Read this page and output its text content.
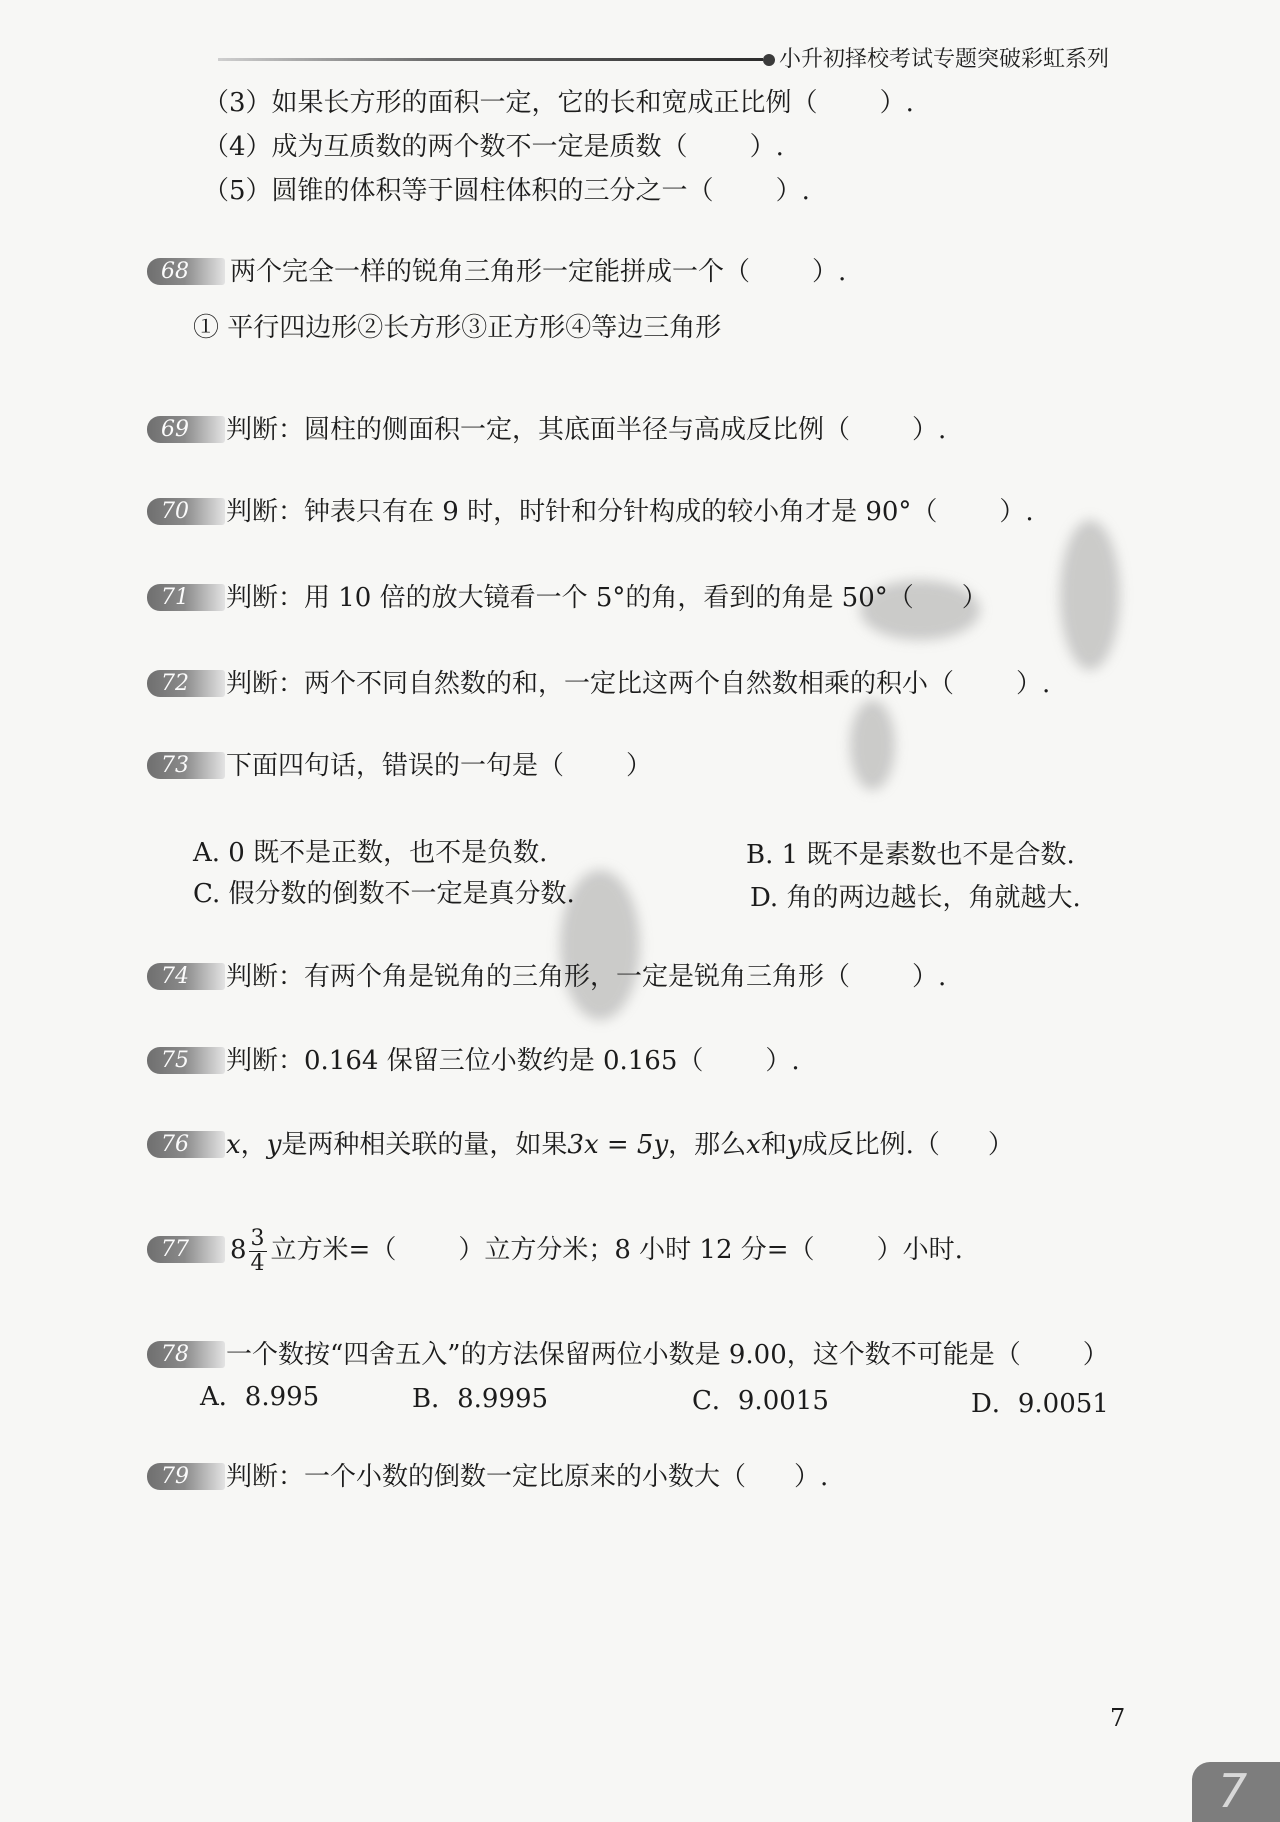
小升初择校考试专题突破彩虹系列
（3）如果长方形的面积一定，它的长和宽成正比例（ ）.
（4）成为互质数的两个数不一定是质数（ ）.
（5）圆锥的体积等于圆柱体积的三分之一（ ）.
68 两个完全一样的锐角三角形一定能拼成一个（ ）.
① 平行四边形②长方形③正方形④等边三角形
69 判断：圆柱的侧面积一定，其底面半径与高成反比例（ ）.
70 判断：钟表只有在 9 时，时针和分针构成的较小角才是 90°（ ）.
71 判断：用 10 倍的放大镜看一个 5°的角，看到的角是 50°（ ）
72 判断：两个不同自然数的和，一定比这两个自然数相乘的积小（ ）.
73 下面四句话，错误的一句是（ ）
A. 0 既不是正数，也不是负数.	B. 1 既不是素数也不是合数.
C. 假分数的倒数不一定是真分数.	D. 角的两边越长，角就越大.
74 判断：有两个角是锐角的三角形，一定是锐角三角形（ ）.
75 判断：0.164 保留三位小数约是 0.165（ ）.
76 x，y是两种相关联的量，如果3x = 5y，那么x和y成反比例.（ ）
77 $8 \frac{3}{4}$ 立方米=（ ）立方分米；8 小时 12 分=（ ）小时.
78 一个数按“四舍五入”的方法保留两位小数是 9.00，这个数不可能是（ ）
A．8.995	B．8.9995	C．9.0015	D．9.0051
79 判断：一个小数的倒数一定比原来的小数大（ ）.
7
7
